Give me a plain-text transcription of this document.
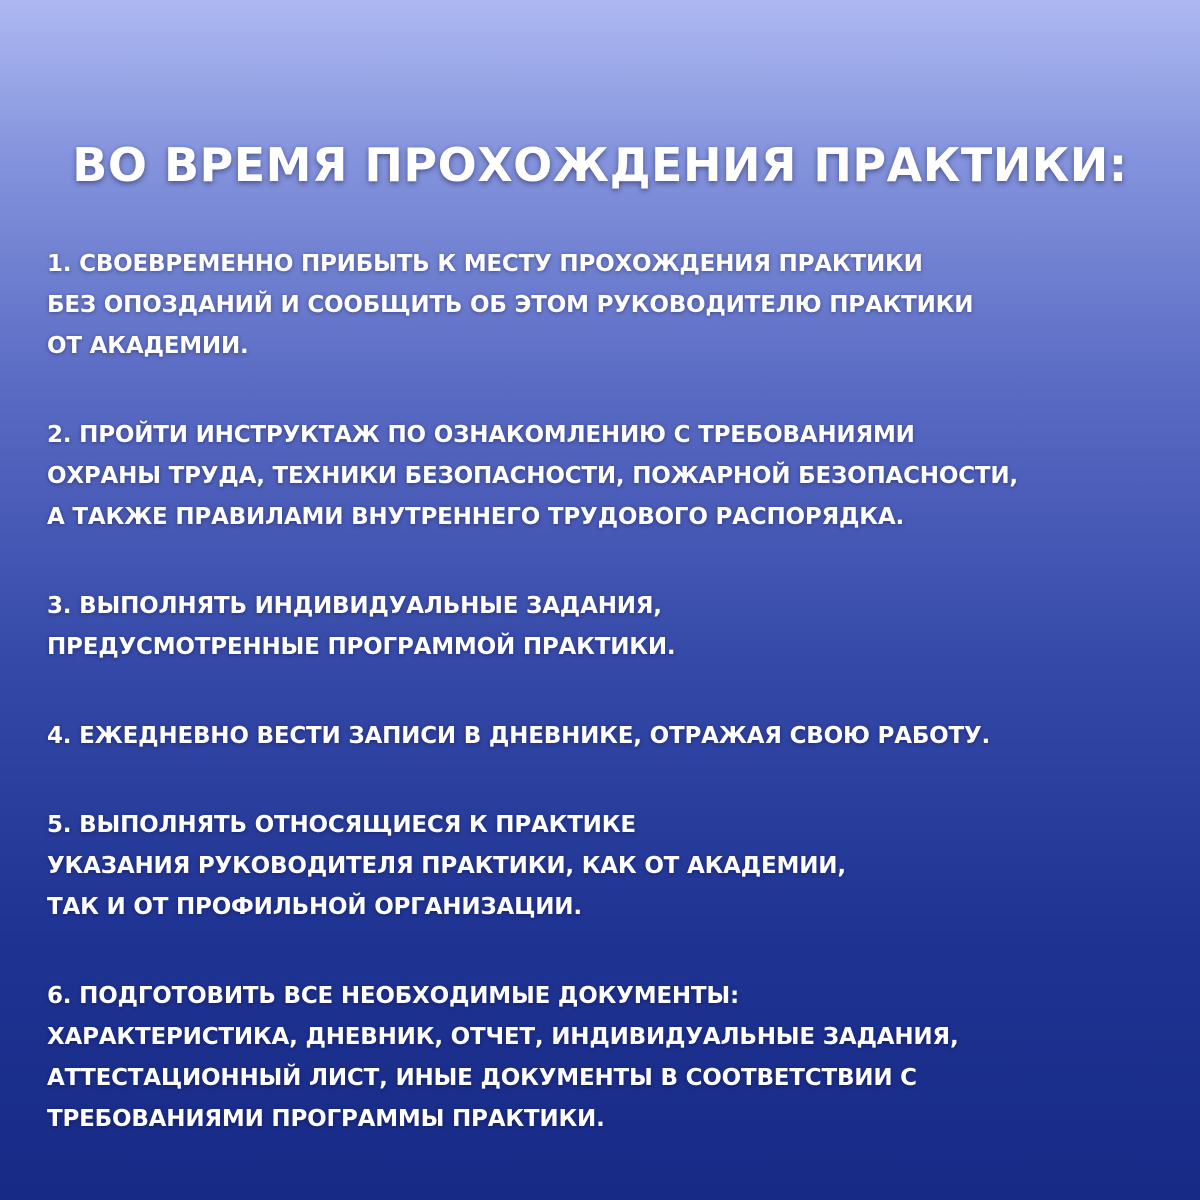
ВО ВРЕМЯ ПРОХОЖДЕНИЯ ПРАКТИКИ:
1. СВОЕВРЕМЕННО ПРИБЫТЬ К МЕСТУ ПРОХОЖДЕНИЯ ПРАКТИКИ
БЕЗ ОПОЗДАНИЙ И СООБЩИТЬ ОБ ЭТОМ РУКОВОДИТЕЛЮ ПРАКТИКИ
ОТ АКАДЕМИИ.
2. ПРОЙТИ ИНСТРУКТАЖ ПО ОЗНАКОМЛЕНИЮ С ТРЕБОВАНИЯМИ
ОХРАНЫ ТРУДА, ТЕХНИКИ БЕЗОПАСНОСТИ, ПОЖАРНОЙ БЕЗОПАСНОСТИ,
А ТАКЖЕ ПРАВИЛАМИ ВНУТРЕННЕГО ТРУДОВОГО РАСПОРЯДКА.
3. ВЫПОЛНЯТЬ ИНДИВИДУАЛЬНЫЕ ЗАДАНИЯ,
ПРЕДУСМОТРЕННЫЕ ПРОГРАММОЙ ПРАКТИКИ.
4. ЕЖЕДНЕВНО ВЕСТИ ЗАПИСИ В ДНЕВНИКЕ, ОТРАЖАЯ СВОЮ РАБОТУ.
5. ВЫПОЛНЯТЬ ОТНОСЯЩИЕСЯ К ПРАКТИКЕ
УКАЗАНИЯ РУКОВОДИТЕЛЯ ПРАКТИКИ, КАК ОТ АКАДЕМИИ,
ТАК И ОТ ПРОФИЛЬНОЙ ОРГАНИЗАЦИИ.
6. ПОДГОТОВИТЬ ВСЕ НЕОБХОДИМЫЕ ДОКУМЕНТЫ:
ХАРАКТЕРИСТИКА, ДНЕВНИК, ОТЧЕТ, ИНДИВИДУАЛЬНЫЕ ЗАДАНИЯ,
АТТЕСТАЦИОННЫЙ ЛИСТ, ИНЫЕ ДОКУМЕНТЫ В СООТВЕТСТВИИ С
ТРЕБОВАНИЯМИ ПРОГРАММЫ ПРАКТИКИ.
